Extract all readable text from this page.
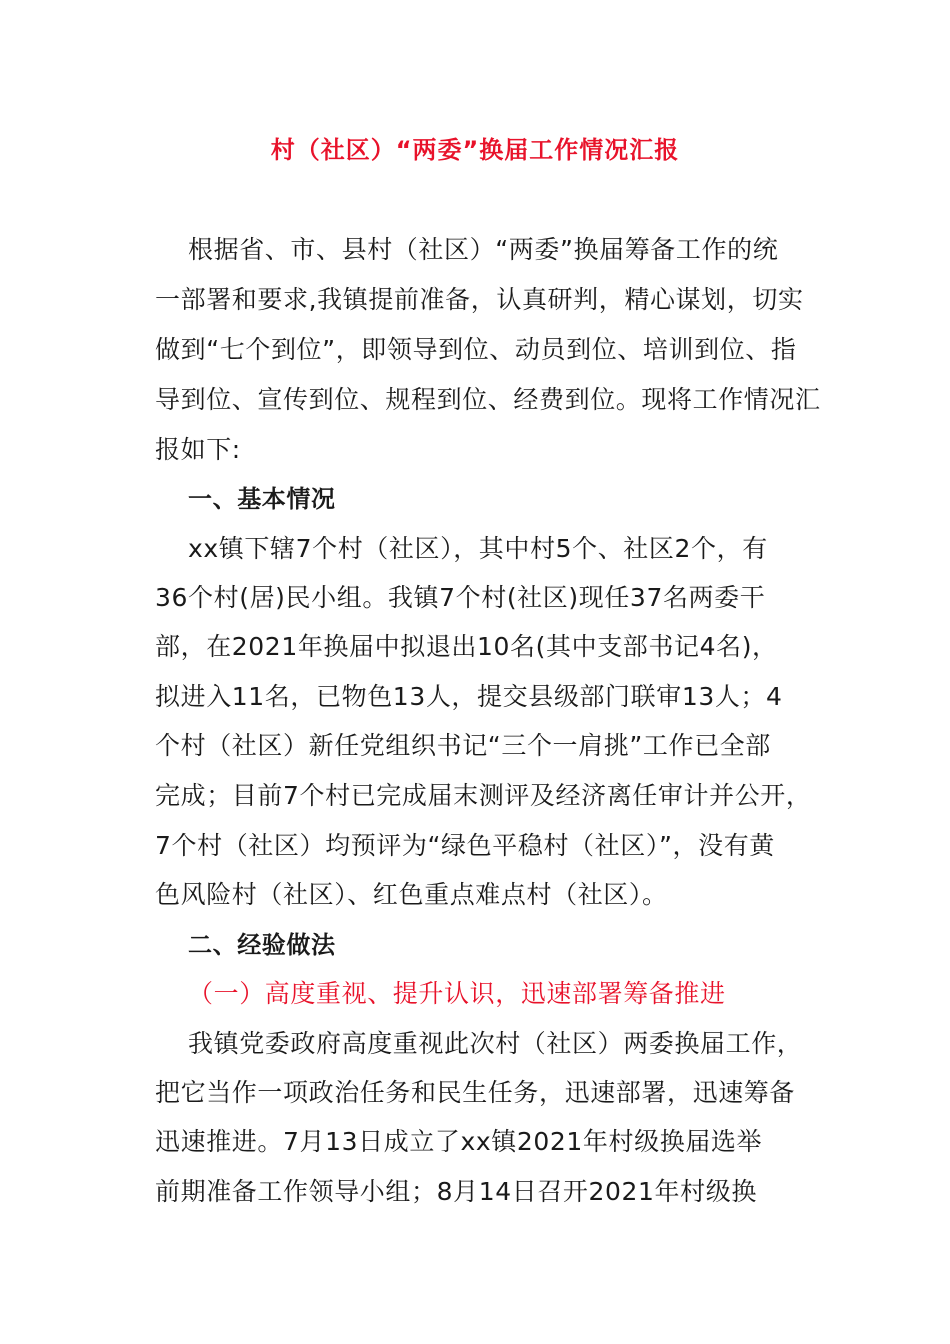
村（社区）“两委”换届工作情况汇报
根据省、市、县村（社区）“两委”换届筹备工作的统
一部署和要求,我镇提前准备，认真研判，精心谋划，切实
做到“七个到位”，即领导到位、动员到位、培训到位、指
导到位、宣传到位、规程到位、经费到位。现将工作情况汇
报如下:
一、基本情况
xx镇下辖7个村（社区），其中村5个、社区2个，有
36个村(居)民小组。我镇7个村(社区)现任37名两委干
部，在2021年换届中拟退出10名(其中支部书记4名)，
拟进入11名，已物色13人，提交县级部门联审13人；4
个村（社区）新任党组织书记“三个一肩挑”工作已全部
完成；目前7个村已完成届末测评及经济离任审计并公开，
7个村（社区）均预评为“绿色平稳村（社区）”，没有黄
色风险村（社区）、红色重点难点村（社区）。
二、经验做法
（一）高度重视、提升认识，迅速部署筹备推进
我镇党委政府高度重视此次村（社区）两委换届工作，
把它当作一项政治任务和民生任务，迅速部署，迅速筹备
迅速推进。7月13日成立了xx镇2021年村级换届选举
前期准备工作领导小组；8月14日召开2021年村级换
